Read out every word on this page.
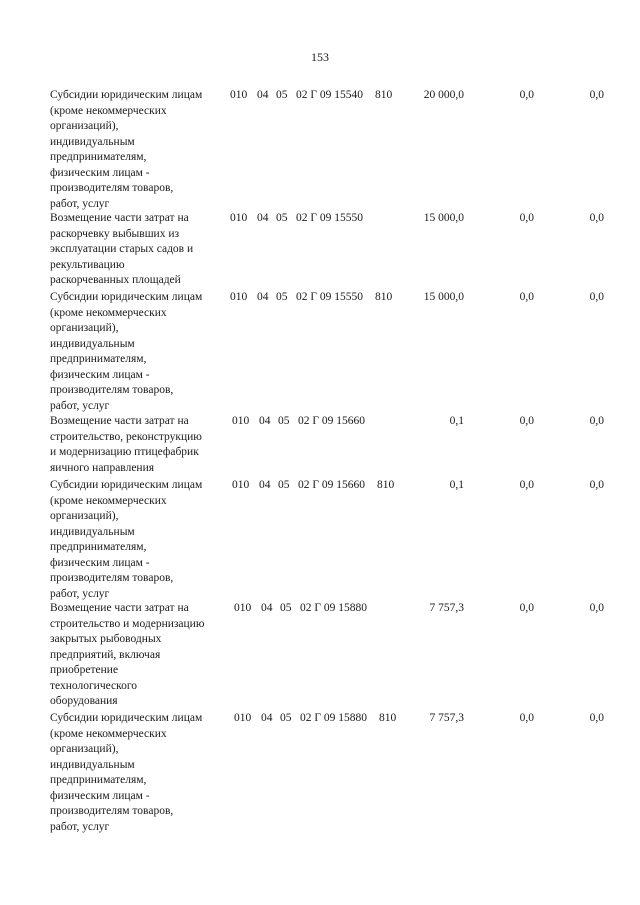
153
Субсидии юридическим лицам
(кроме некоммерческих
организаций),
индивидуальным
предпринимателям,
физическим лицам -
производителям товаров,
работ, услуг
010 04 05 02 Г 09 15540 810	20 000,0	0,0	0,0
Возмещение части затрат на
раскорчевку выбывших из
эксплуатации старых садов и
рекультивацию
раскорчеванных площадей
010 04 05 02 Г 09 15550	15 000,0	0,0	0,0
Субсидии юридическим лицам
(кроме некоммерческих
организаций),
индивидуальным
предпринимателям,
физическим лицам -
производителям товаров,
работ, услуг
010 04 05 02 Г 09 15550 810	15 000,0	0,0	0,0
Возмещение части затрат на
строительство, реконструкцию
и модернизацию птицефабрик
яичного направления
010 04 05 02 Г 09 15660	0,1	0,0	0,0
Субсидии юридическим лицам
(кроме некоммерческих
организаций),
индивидуальным
предпринимателям,
физическим лицам -
производителям товаров,
работ, услуг
010 04 05 02 Г 09 15660 810	0,1	0,0	0,0
Возмещение части затрат на
строительство и модернизацию
закрытых рыбоводных
предприятий, включая
приобретение
технологического
оборудования
010 04 05 02 Г 09 15880	7 757,3	0,0	0,0
Субсидии юридическим лицам
(кроме некоммерческих
организаций),
индивидуальным
предпринимателям,
физическим лицам -
производителям товаров,
работ, услуг
010 04 05 02 Г 09 15880 810	7 757,3	0,0	0,0
